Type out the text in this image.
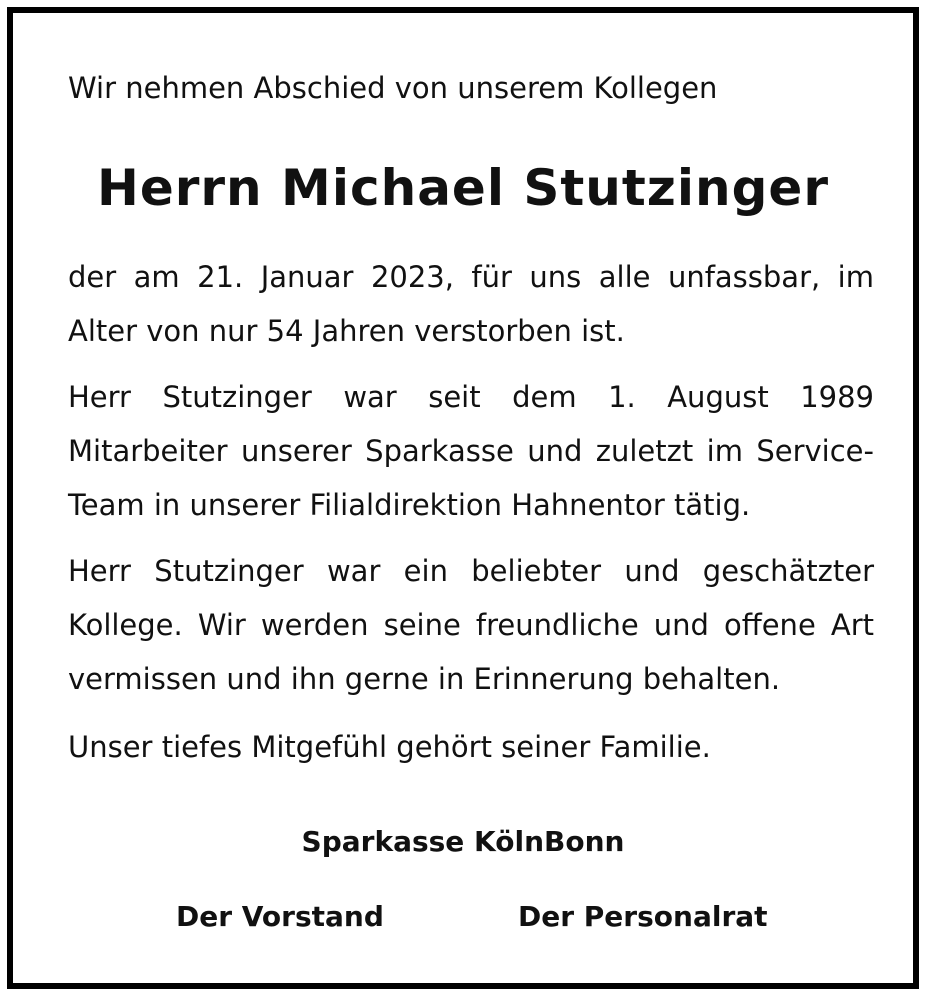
Wir nehmen Abschied von unserem Kollegen
Herrn Michael Stutzinger
der am 21. Januar 2023, für uns alle unfassbar, im Alter von nur 54 Jahren verstorben ist.
Herr Stutzinger war seit dem 1. August 1989 Mitarbeiter unserer Sparkasse und zuletzt im Service-Team in unserer Filialdirektion Hahnentor tätig.
Herr Stutzinger war ein beliebter und geschätzter Kollege. Wir werden seine freundliche und offene Art vermissen und ihn gerne in Erinnerung behalten.
Unser tiefes Mitgefühl gehört seiner Familie.
Sparkasse KölnBonn
Der Vorstand	Der Personalrat
